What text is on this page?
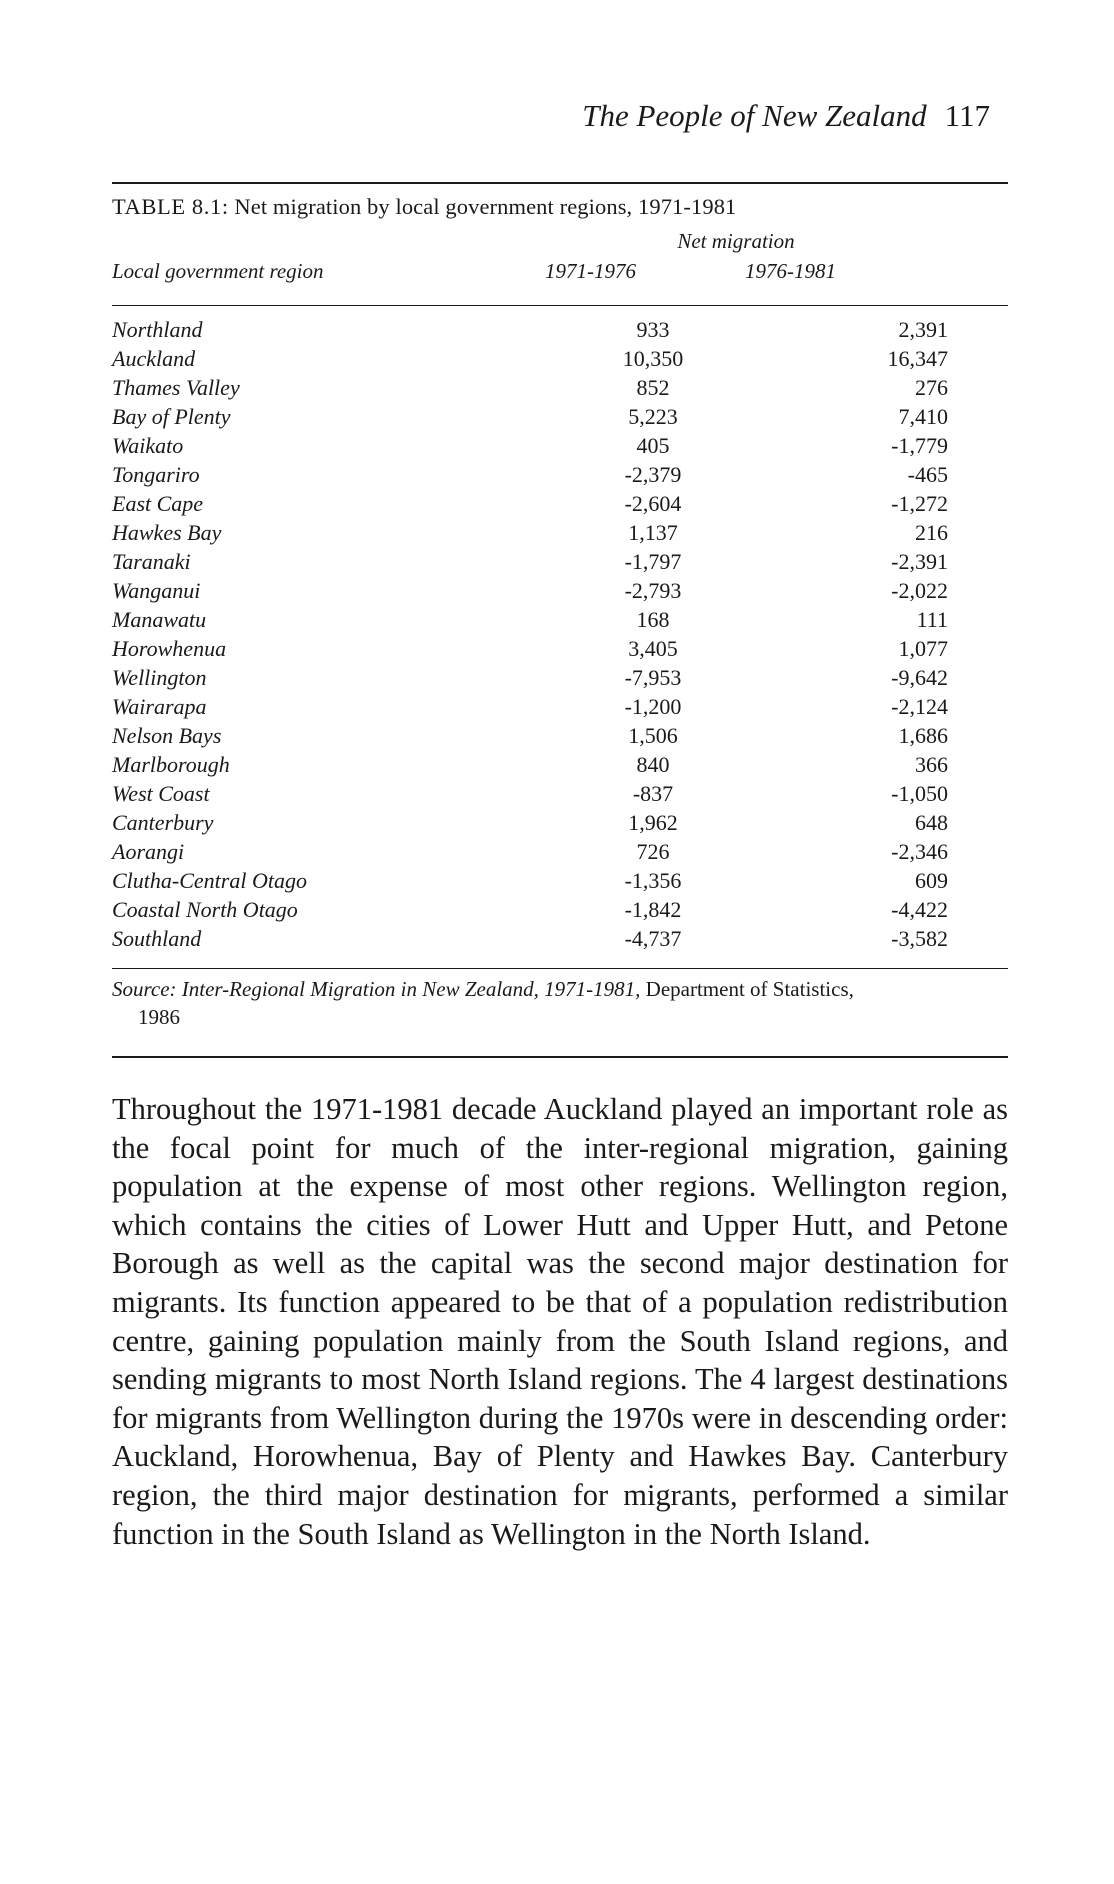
The People of New Zealand 117
TABLE 8.1: Net migration by local government regions, 1971-1981
Net migration
Local government region	1971-1976	1976-1981
Northland	933	2,391
Auckland	10,350	16,347
Thames Valley	852	276
Bay of Plenty	5,223	7,410
Waikato	405	-1,779
Tongariro	-2,379	-465
East Cape	-2,604	-1,272
Hawkes Bay	1,137	216
Taranaki	-1,797	-2,391
Wanganui	-2,793	-2,022
Manawatu	168	111
Horowhenua	3,405	1,077
Wellington	-7,953	-9,642
Wairarapa	-1,200	-2,124
Nelson Bays	1,506	1,686
Marlborough	840	366
West Coast	-837	-1,050
Canterbury	1,962	648
Aorangi	726	-2,346
Clutha-Central Otago	-1,356	609
Coastal North Otago	-1,842	-4,422
Southland	-4,737	-3,582
Source: Inter-Regional Migration in New Zealand, 1971-1981, Department of Statistics,
1986
Throughout the 1971-1981 decade Auckland played an important role as the focal point for much of the inter-regional migration, gaining population at the expense of most other regions. Wellington region, which contains the cities of Lower Hutt and Upper Hutt, and Petone Borough as well as the capital was the second major destination for migrants. Its function appeared to be that of a population redistribution centre, gaining population mainly from the South Island regions, and sending migrants to most North Island regions. The 4 largest destinations for migrants from Wellington during the 1970s were in descending order: Auckland, Horowhenua, Bay of Plenty and Hawkes Bay. Canterbury region, the third major destination for migrants, performed a similar function in the South Island as Wellington in the North Island.
